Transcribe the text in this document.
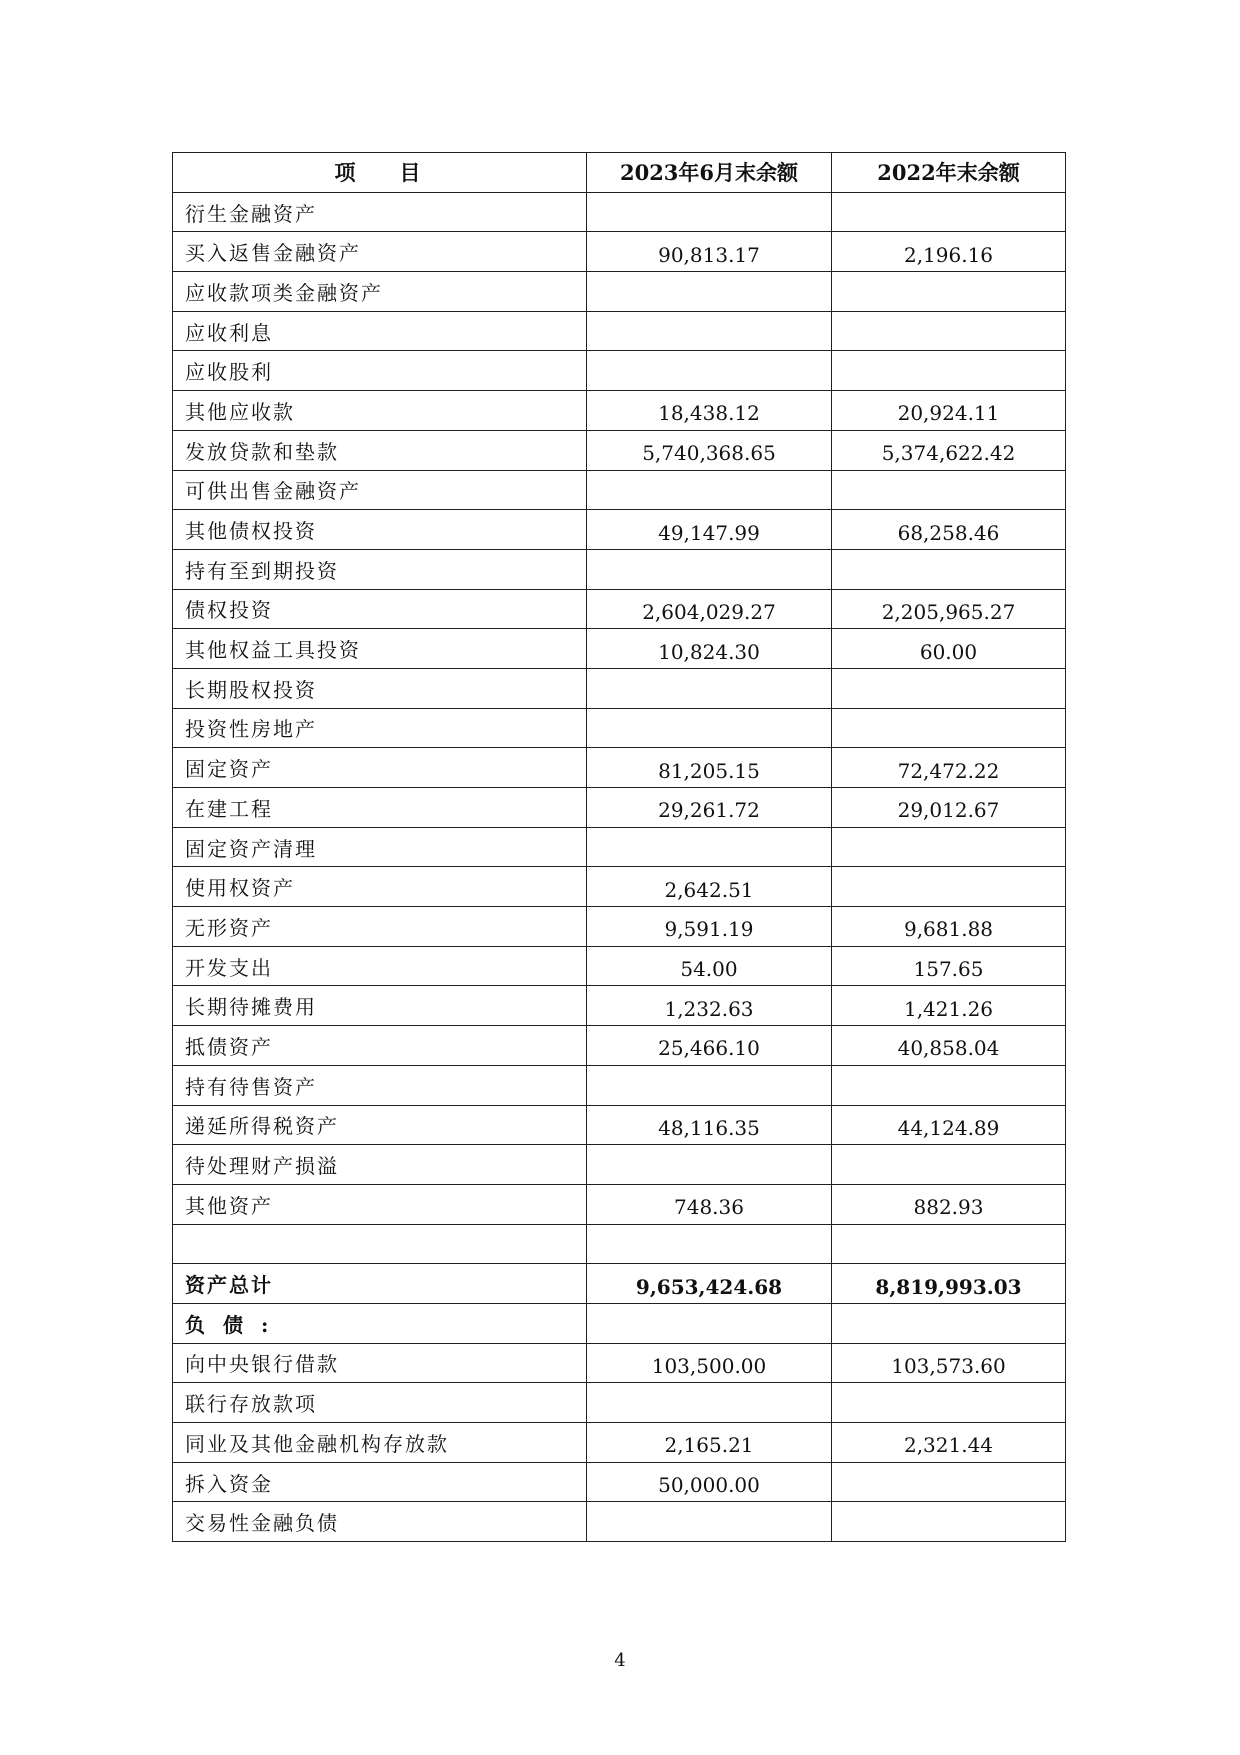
项目	2023年6月末余额	2022年末余额
衍生金融资产		
买入返售金融资产	90,813.17	2,196.16
应收款项类金融资产		
应收利息		
应收股利		
其他应收款	18,438.12	20,924.11
发放贷款和垫款	5,740,368.65	5,374,622.42
可供出售金融资产		
其他债权投资	49,147.99	68,258.46
持有至到期投资		
债权投资	2,604,029.27	2,205,965.27
其他权益工具投资	10,824.30	60.00
长期股权投资		
投资性房地产		
固定资产	81,205.15	72,472.22
在建工程	29,261.72	29,012.67
固定资产清理		
使用权资产	2,642.51	
无形资产	9,591.19	9,681.88
开发支出	54.00	157.65
长期待摊费用	1,232.63	1,421.26
抵债资产	25,466.10	40,858.04
持有待售资产		
递延所得税资产	48,116.35	44,124.89
待处理财产损溢		
其他资产	748.36	882.93

资产总计	9,653,424.68	8,819,993.03
负债:		
向中央银行借款	103,500.00	103,573.60
联行存放款项		
同业及其他金融机构存放款	2,165.21	2,321.44
拆入资金	50,000.00	
交易性金融负债		
4
